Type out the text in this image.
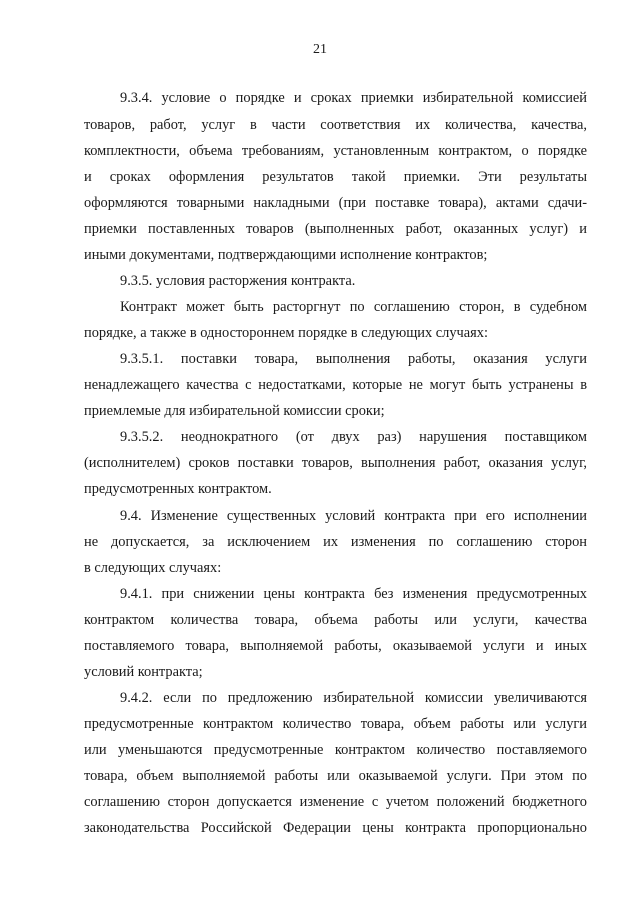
21
9.3.4. условие о порядке и сроках приемки избирательной комиссией
товаров, работ, услуг в части соответствия их количества, качества,
комплектности, объема требованиям, установленным контрактом, о порядке
и сроках оформления результатов такой приемки. Эти результаты
оформляются товарными накладными (при поставке товара), актами сдачи-
приемки поставленных товаров (выполненных работ, оказанных услуг) и
иными документами, подтверждающими исполнение контрактов;
9.3.5. условия расторжения контракта.
Контракт может быть расторгнут по соглашению сторон, в судебном
порядке, а также в одностороннем порядке в следующих случаях:
9.3.5.1. поставки товара, выполнения работы, оказания услуги
ненадлежащего качества с недостатками, которые не могут быть устранены в
приемлемые для избирательной комиссии сроки;
9.3.5.2. неоднократного (от двух раз) нарушения поставщиком
(исполнителем) сроков поставки товаров, выполнения работ, оказания услуг,
предусмотренных контрактом.
9.4. Изменение существенных условий контракта при его исполнении
не допускается, за исключением их изменения по соглашению сторон
в следующих случаях:
9.4.1. при снижении цены контракта без изменения предусмотренных
контрактом количества товара, объема работы или услуги, качества
поставляемого товара, выполняемой работы, оказываемой услуги и иных
условий контракта;
9.4.2. если по предложению избирательной комиссии увеличиваются
предусмотренные контрактом количество товара, объем работы или услуги
или уменьшаются предусмотренные контрактом количество поставляемого
товара, объем выполняемой работы или оказываемой услуги. При этом по
соглашению сторон допускается изменение с учетом положений бюджетного
законодательства Российской Федерации цены контракта пропорционально
